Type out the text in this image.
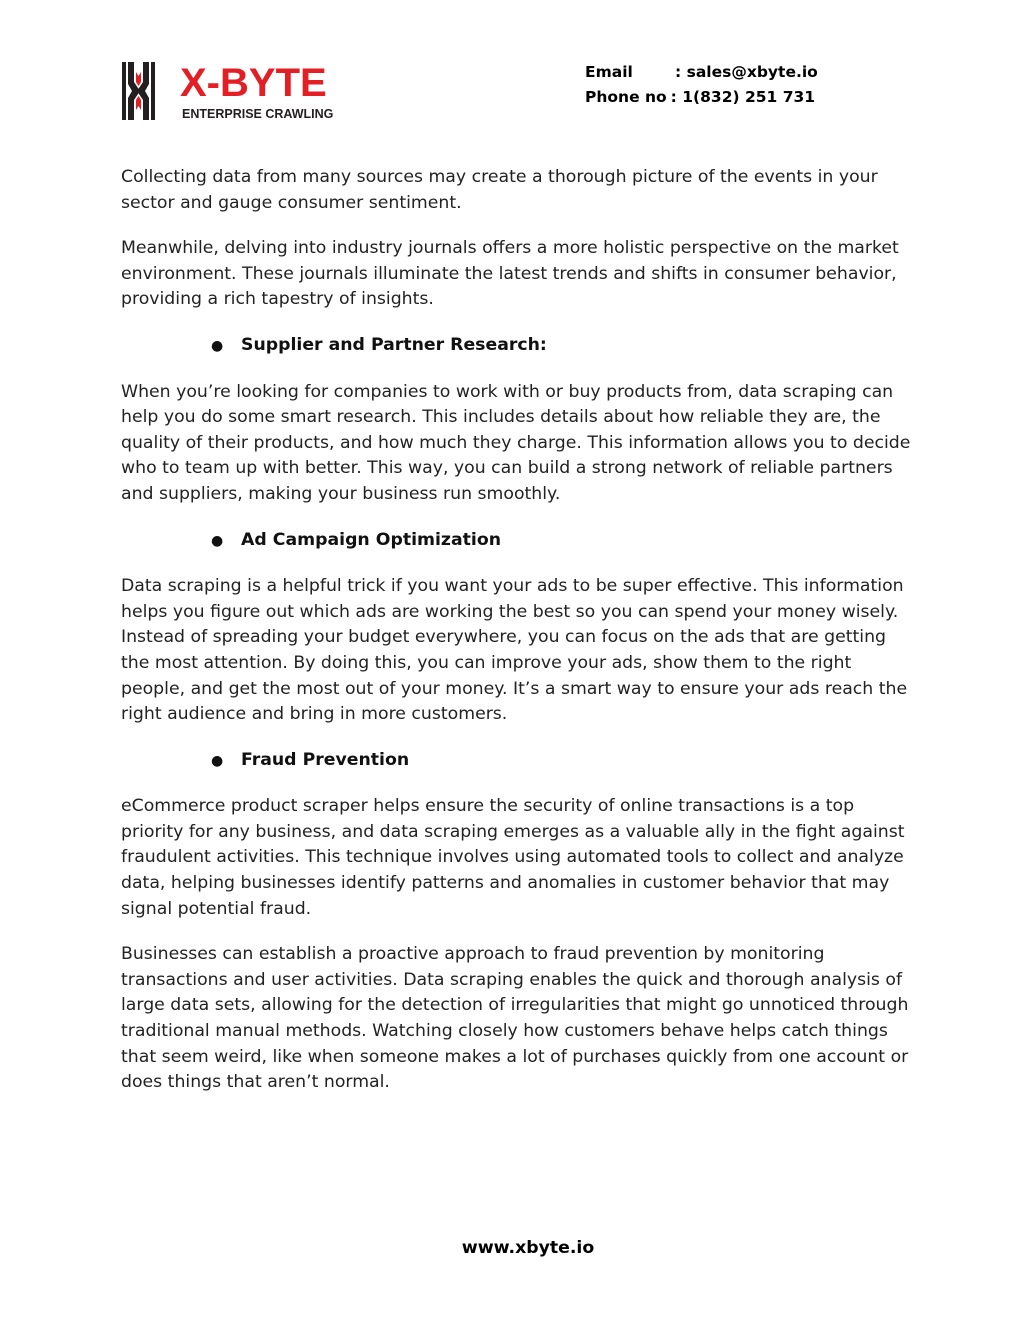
X-BYTE
ENTERPRISE CRAWLING
Email	: sales@xbyte.io
Phone no : 1(832) 251 731

Collecting data from many sources may create a thorough picture of the events in your sector and gauge consumer sentiment.

Meanwhile, delving into industry journals offers a more holistic perspective on the market environment. These journals illuminate the latest trends and shifts in consumer behavior, providing a rich tapestry of insights.

●	Supplier and Partner Research:

When you’re looking for companies to work with or buy products from, data scraping can help you do some smart research. This includes details about how reliable they are, the quality of their products, and how much they charge. This information allows you to decide who to team up with better. This way, you can build a strong network of reliable partners and suppliers, making your business run smoothly.

●	Ad Campaign Optimization

Data scraping is a helpful trick if you want your ads to be super effective. This information helps you figure out which ads are working the best so you can spend your money wisely. Instead of spreading your budget everywhere, you can focus on the ads that are getting the most attention. By doing this, you can improve your ads, show them to the right people, and get the most out of your money. It’s a smart way to ensure your ads reach the right audience and bring in more customers.

●	Fraud Prevention

eCommerce product scraper helps ensure the security of online transactions is a top priority for any business, and data scraping emerges as a valuable ally in the fight against fraudulent activities. This technique involves using automated tools to collect and analyze data, helping businesses identify patterns and anomalies in customer behavior that may signal potential fraud.

Businesses can establish a proactive approach to fraud prevention by monitoring transactions and user activities. Data scraping enables the quick and thorough analysis of large data sets, allowing for the detection of irregularities that might go unnoticed through traditional manual methods. Watching closely how customers behave helps catch things that seem weird, like when someone makes a lot of purchases quickly from one account or does things that aren’t normal.

www.xbyte.io
